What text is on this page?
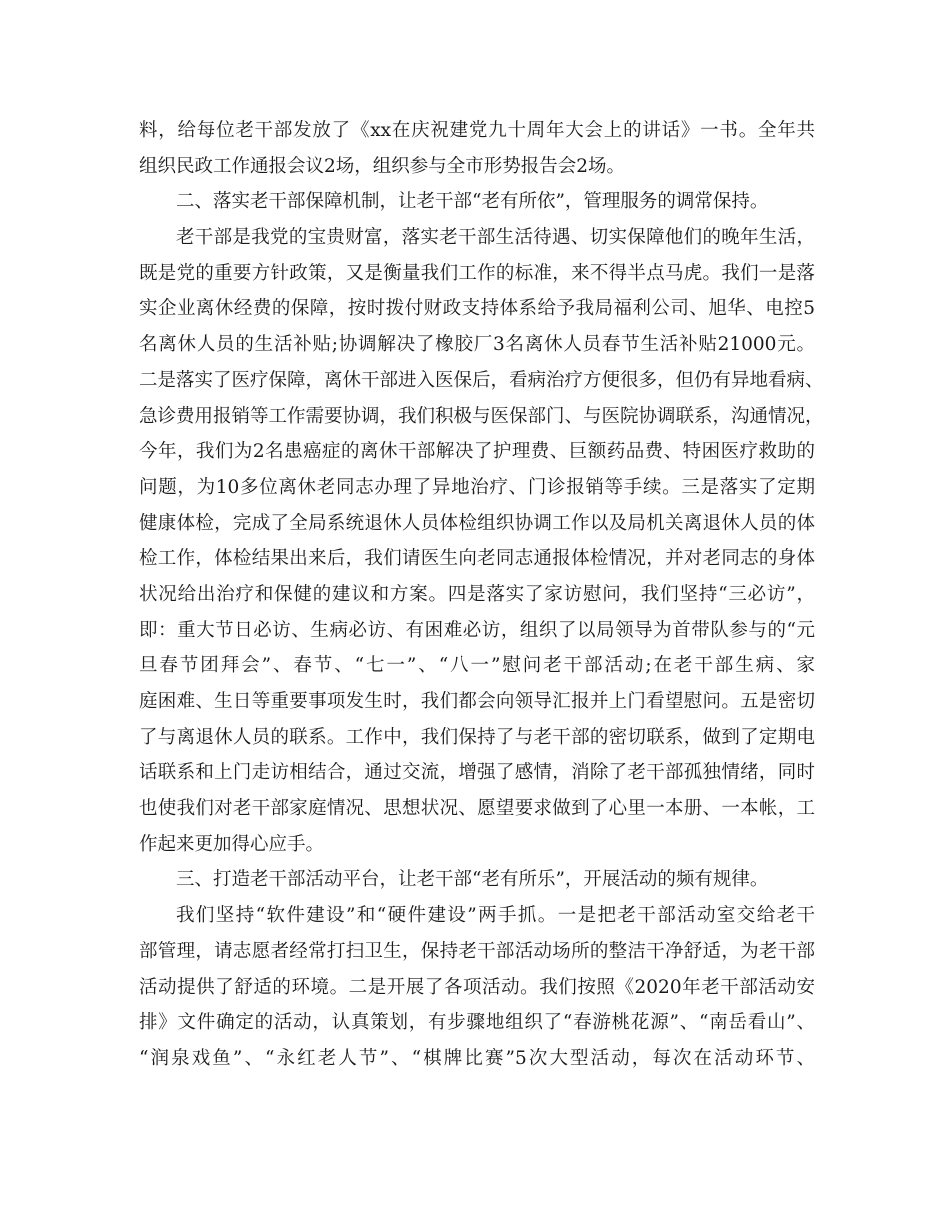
料，给每位老干部发放了《xx在庆祝建党九十周年大会上的讲话》一书。全年共
组织民政工作通报会议2场，组织参与全市形势报告会2场。
二、落实老干部保障机制，让老干部“老有所依”，管理服务的调常保持。
老干部是我党的宝贵财富，落实老干部生活待遇、切实保障他们的晚年生活，
既是党的重要方针政策，又是衡量我们工作的标准，来不得半点马虎。我们一是落
实企业离休经费的保障，按时拨付财政支持体系给予我局福利公司、旭华、电控5
名离休人员的生活补贴;协调解决了橡胶厂3名离休人员春节生活补贴21000元。
二是落实了医疗保障，离休干部进入医保后，看病治疗方便很多，但仍有异地看病、
急诊费用报销等工作需要协调，我们积极与医保部门、与医院协调联系，沟通情况，
今年，我们为2名患癌症的离休干部解决了护理费、巨额药品费、特困医疗救助的
问题，为10多位离休老同志办理了异地治疗、门诊报销等手续。三是落实了定期
健康体检，完成了全局系统退休人员体检组织协调工作以及局机关离退休人员的体
检工作，体检结果出来后，我们请医生向老同志通报体检情况，并对老同志的身体
状况给出治疗和保健的建议和方案。四是落实了家访慰问，我们坚持“三必访”，
即：重大节日必访、生病必访、有困难必访，组织了以局领导为首带队参与的“元
旦春节团拜会”、春节、“七一”、“八一”慰问老干部活动;在老干部生病、家
庭困难、生日等重要事项发生时，我们都会向领导汇报并上门看望慰问。五是密切
了与离退休人员的联系。工作中，我们保持了与老干部的密切联系，做到了定期电
话联系和上门走访相结合，通过交流，增强了感情，消除了老干部孤独情绪，同时
也使我们对老干部家庭情况、思想状况、愿望要求做到了心里一本册、一本帐，工
作起来更加得心应手。
三、打造老干部活动平台，让老干部“老有所乐”，开展活动的频有规律。
我们坚持“软件建设”和“硬件建设”两手抓。一是把老干部活动室交给老干
部管理，请志愿者经常打扫卫生，保持老干部活动场所的整洁干净舒适，为老干部
活动提供了舒适的环境。二是开展了各项活动。我们按照《2020年老干部活动安
排》文件确定的活动，认真策划，有步骤地组织了“春游桃花源”、“南岳看山”、
“润泉戏鱼”、“永红老人节”、“棋牌比赛”5次大型活动，每次在活动环节、
